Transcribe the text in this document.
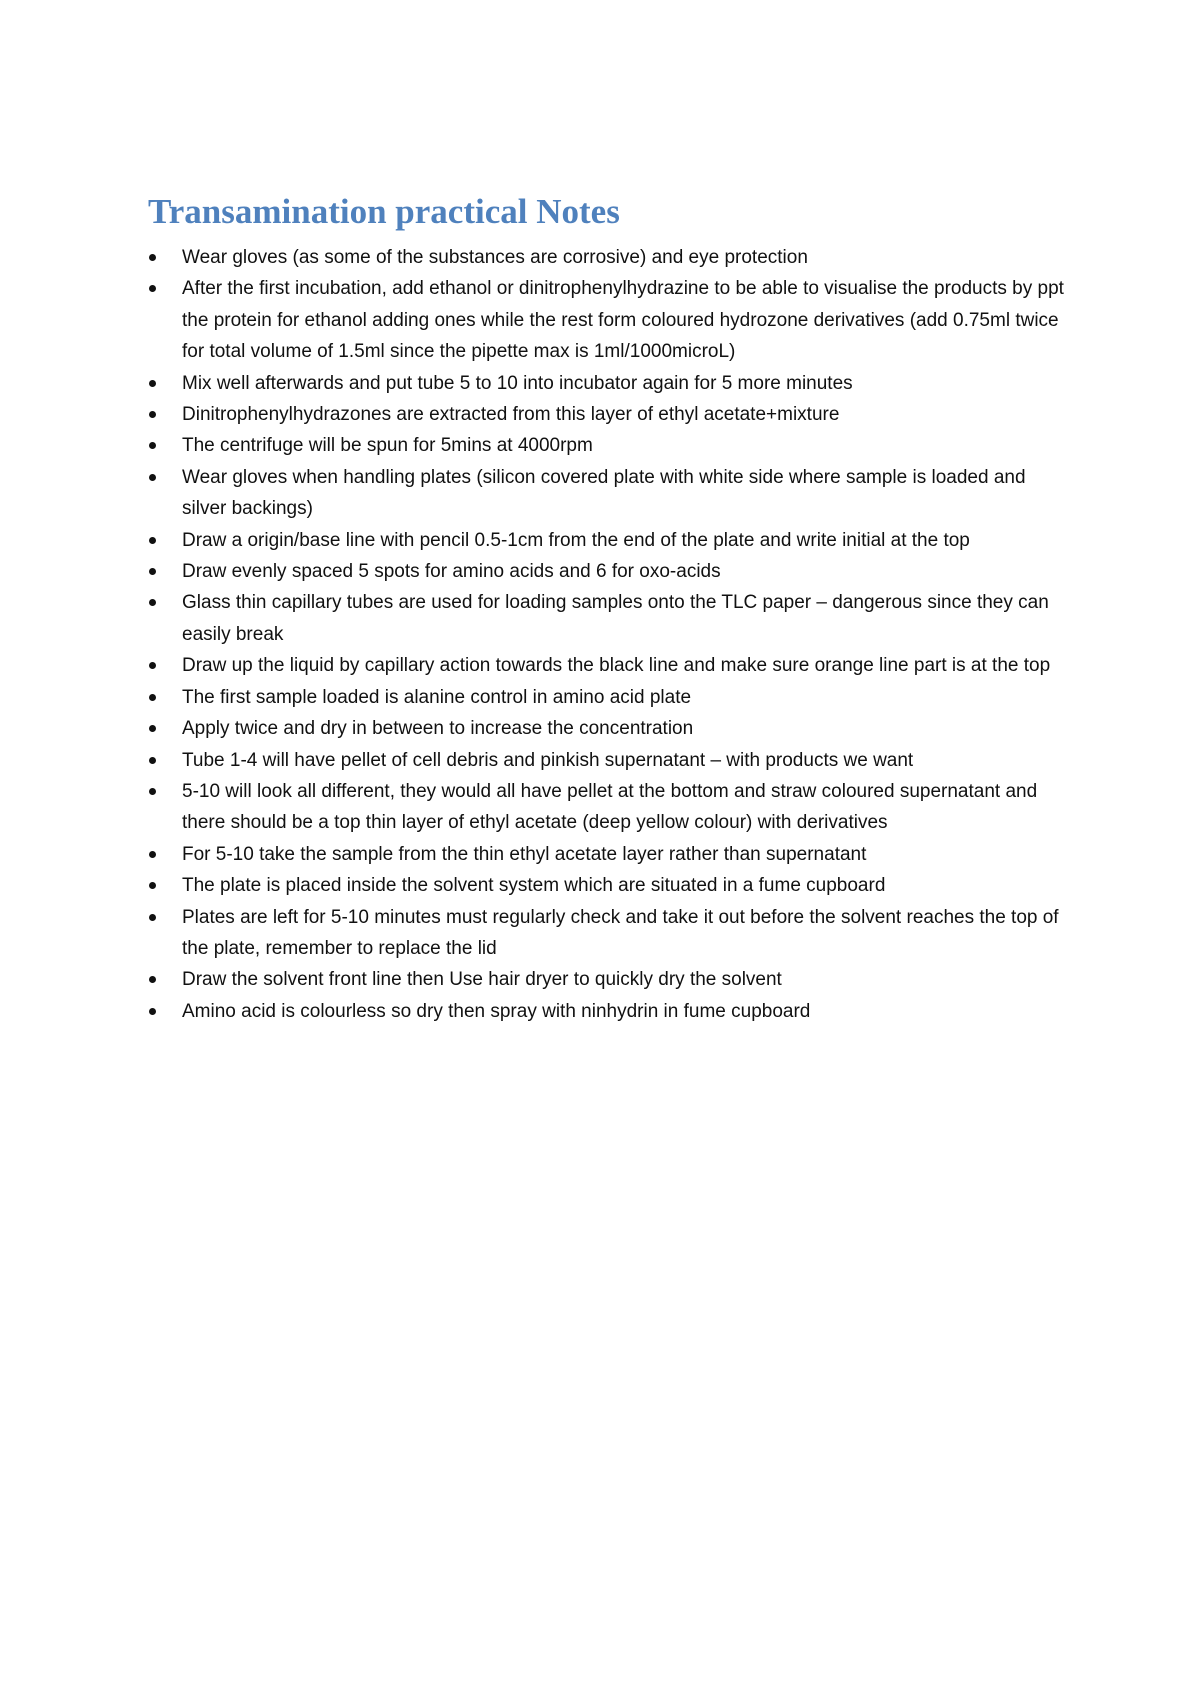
Transamination practical Notes
Wear gloves (as some of the substances are corrosive) and eye protection
After the first incubation, add ethanol or dinitrophenylhydrazine to be able to visualise the products by ppt the protein for ethanol adding ones while the rest form coloured hydrozone derivatives (add 0.75ml twice for total volume of 1.5ml since the pipette max is 1ml/1000microL)
Mix well afterwards and put tube 5 to 10 into incubator again for 5 more minutes
Dinitrophenylhydrazones are extracted from this layer of ethyl acetate+mixture
The centrifuge will be spun for 5mins at 4000rpm
Wear gloves when handling plates (silicon covered plate with white side where sample is loaded and silver backings)
Draw a origin/base line with pencil 0.5-1cm from the end of the plate and write initial at the top
Draw evenly spaced 5 spots for amino acids and 6 for oxo-acids
Glass thin capillary tubes are used for loading samples onto the TLC paper – dangerous since they can easily break
Draw up the liquid by capillary action towards the black line and make sure orange line part is at the top
The first sample loaded is alanine control in amino acid plate
Apply twice and dry in between to increase the concentration
Tube 1-4 will have pellet of cell debris and pinkish supernatant – with products we want
5-10 will look all different, they would all have pellet at the bottom and straw coloured supernatant and there should be a top thin layer of ethyl acetate (deep yellow colour) with derivatives
For 5-10 take the sample from the thin ethyl acetate layer rather than supernatant
The plate is placed inside the solvent system which are situated in a fume cupboard
Plates are left for 5-10 minutes must regularly check and take it out before the solvent reaches the top of the plate, remember to replace the lid
Draw the solvent front line then Use hair dryer to quickly dry the solvent
Amino acid is colourless so dry then spray with ninhydrin in fume cupboard
